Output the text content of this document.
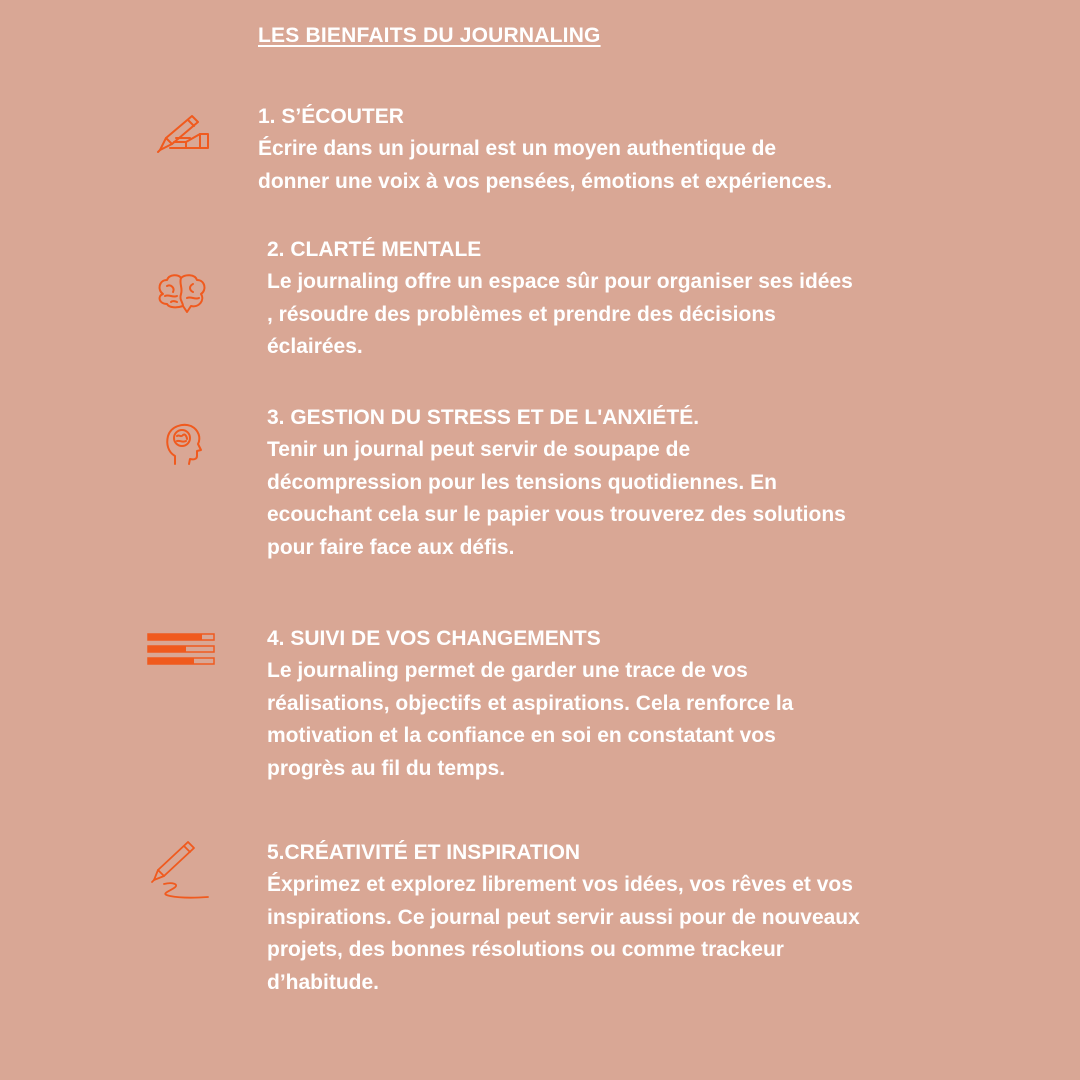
LES BIENFAITS DU JOURNALING
1. S’ÉCOUTER
Écrire dans un journal est un moyen authentique de
donner une voix à vos pensées, émotions et expériences.
2. CLARTÉ MENTALE
Le journaling offre un espace sûr pour organiser ses idées
, résoudre des problèmes et prendre des décisions
éclairées.
3. GESTION DU STRESS ET DE L'ANXIÉTÉ.
Tenir un journal peut servir de soupape de
décompression pour les tensions quotidiennes. En
ecouchant cela sur le papier vous trouverez des solutions
pour faire face aux défis.
4. SUIVI DE VOS CHANGEMENTS
Le journaling permet de garder une trace de vos
réalisations, objectifs et aspirations. Cela renforce la
motivation et la confiance en soi en constatant vos
progrès au fil du temps.
5.CRÉATIVITÉ ET INSPIRATION
Éxprimez et explorez librement vos idées, vos rêves et vos
inspirations. Ce journal peut servir aussi pour de nouveaux
projets, des bonnes résolutions ou comme trackeur
d’habitude.
